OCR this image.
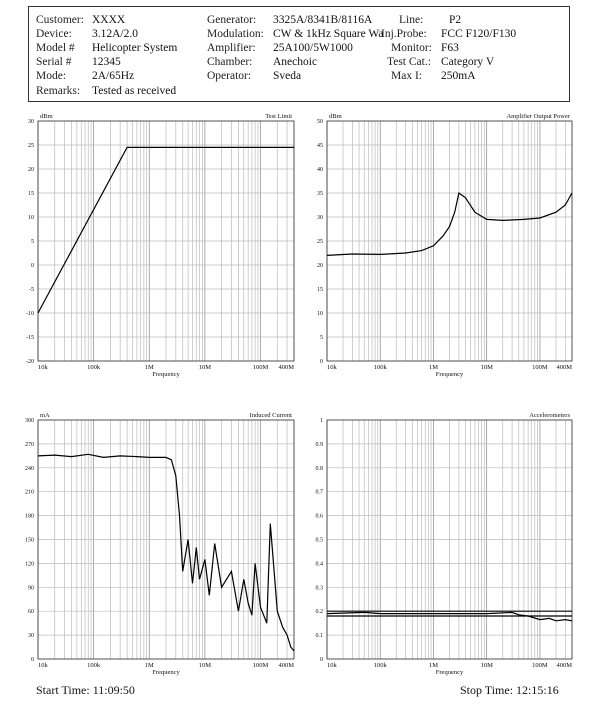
Customer: XXXX
Device: 3.12A/2.0
Model # Helicopter System
Serial # 12345
Mode: 2A/65Hz
Remarks: Tested as received
Generator: 3325A/8341B/8116A
Modulation: CW & 1kHz Square Wa
Amplifier: 25A100/5W1000
Chamber: Anechoic
Operator: Sveda
Line: P2
Inj.Probe: FCC F120/F130
Monitor: F63
Test Cat.: Category V
Max I: 250mA
30
25
20
15
10
5
0
-5
-10
-15
-20
10k	100k	1M	10M	100M 400M
Frequency
dBm	Test Limit
50
45
40
35
30
25
20
15
10
5
0
10k	100k	1M	10M	100M 400M
Frequency
dBm	Amplifier Output Power
300
270
240
210
180
150
120
90
60
30
0
10k	100k	1M	10M	100M 400M
Frequency
mA	Induced Current
1
0.9
0.8
0.7
0.6
0.5
0.4
0.3
0.2
0.1
0
10k	100k	1M	10M	100M 400M
Frequency
Accelerometers
Start Time: 11:09:50	Stop Time: 12:15:16
